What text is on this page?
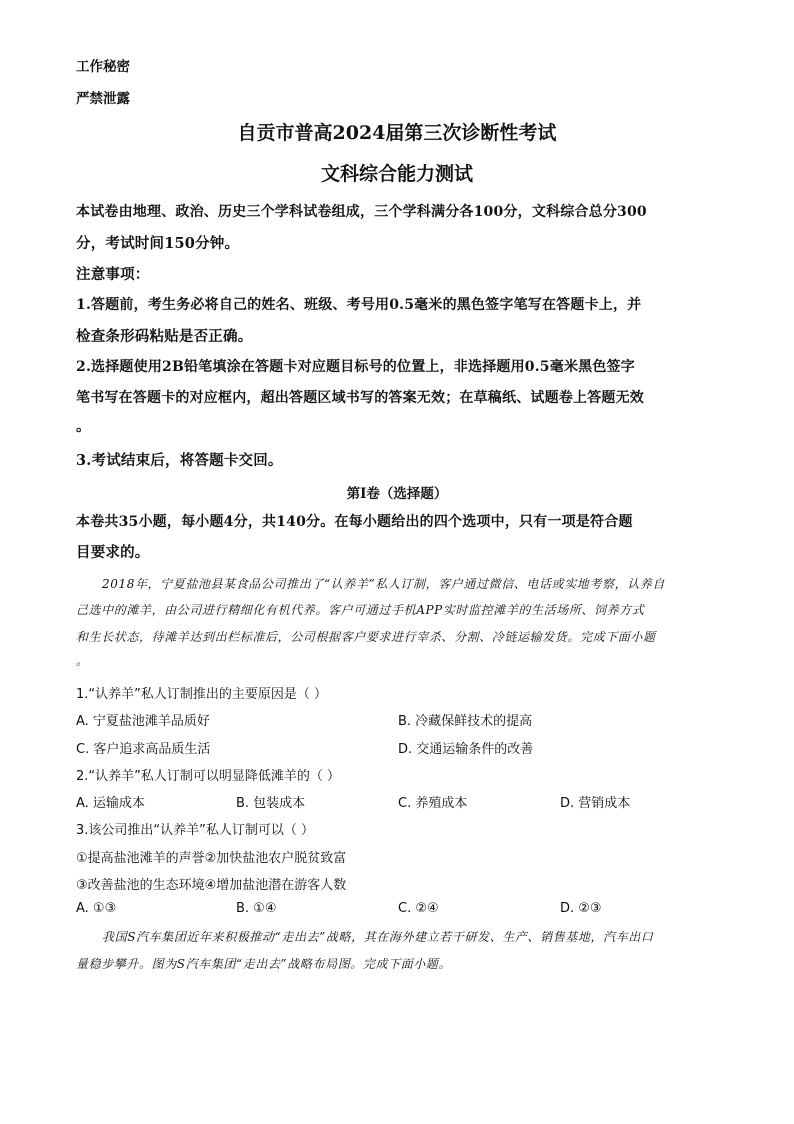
工作秘密
严禁泄露
自贡市普高2024届第三次诊断性考试
文科综合能力测试
本试卷由地理、政治、历史三个学科试卷组成，三个学科满分各100分，文科综合总分300
分，考试时间150分钟。
注意事项：
1.答题前，考生务必将自己的姓名、班级、考号用0.5毫米的黑色签字笔写在答题卡上，并
检查条形码粘贴是否正确。
2.选择题使用2B铅笔填涂在答题卡对应题目标号的位置上，非选择题用0.5毫米黑色签字
笔书写在答题卡的对应框内，超出答题区域书写的答案无效；在草稿纸、试题卷上答题无效
。
3.考试结束后，将答题卡交回。
第Ⅰ卷（选择题）
本卷共35小题，每小题4分，共140分。在每小题给出的四个选项中，只有一项是符合题
目要求的。
2018年，宁夏盐池县某食品公司推出了“认养羊”私人订制，客户通过微信、电话或实地考察，认养自
己选中的滩羊，由公司进行精细化有机代养。客户可通过手机APP实时监控滩羊的生活场所、饲养方式
和生长状态，待滩羊达到出栏标准后，公司根据客户要求进行宰杀、分割、冷链运输发货。完成下面小题
。
1.“认养羊”私人订制推出的主要原因是（ ）
A. 宁夏盐池滩羊品质好	B. 冷藏保鲜技术的提高
C. 客户追求高品质生活	D. 交通运输条件的改善
2.“认养羊”私人订制可以明显降低滩羊的（ ）
A. 运输成本	B. 包装成本	C. 养殖成本	D. 营销成本
3.该公司推出“认养羊”私人订制可以（ ）
①提高盐池滩羊的声誉②加快盐池农户脱贫致富
③改善盐池的生态环境④增加盐池潜在游客人数
A. ①③	B. ①④	C. ②④	D. ②③
我国S汽车集团近年来积极推动“走出去”战略，其在海外建立若干研发、生产、销售基地，汽车出口
量稳步攀升。图为S汽车集团“走出去”战略布局图。完成下面小题。
